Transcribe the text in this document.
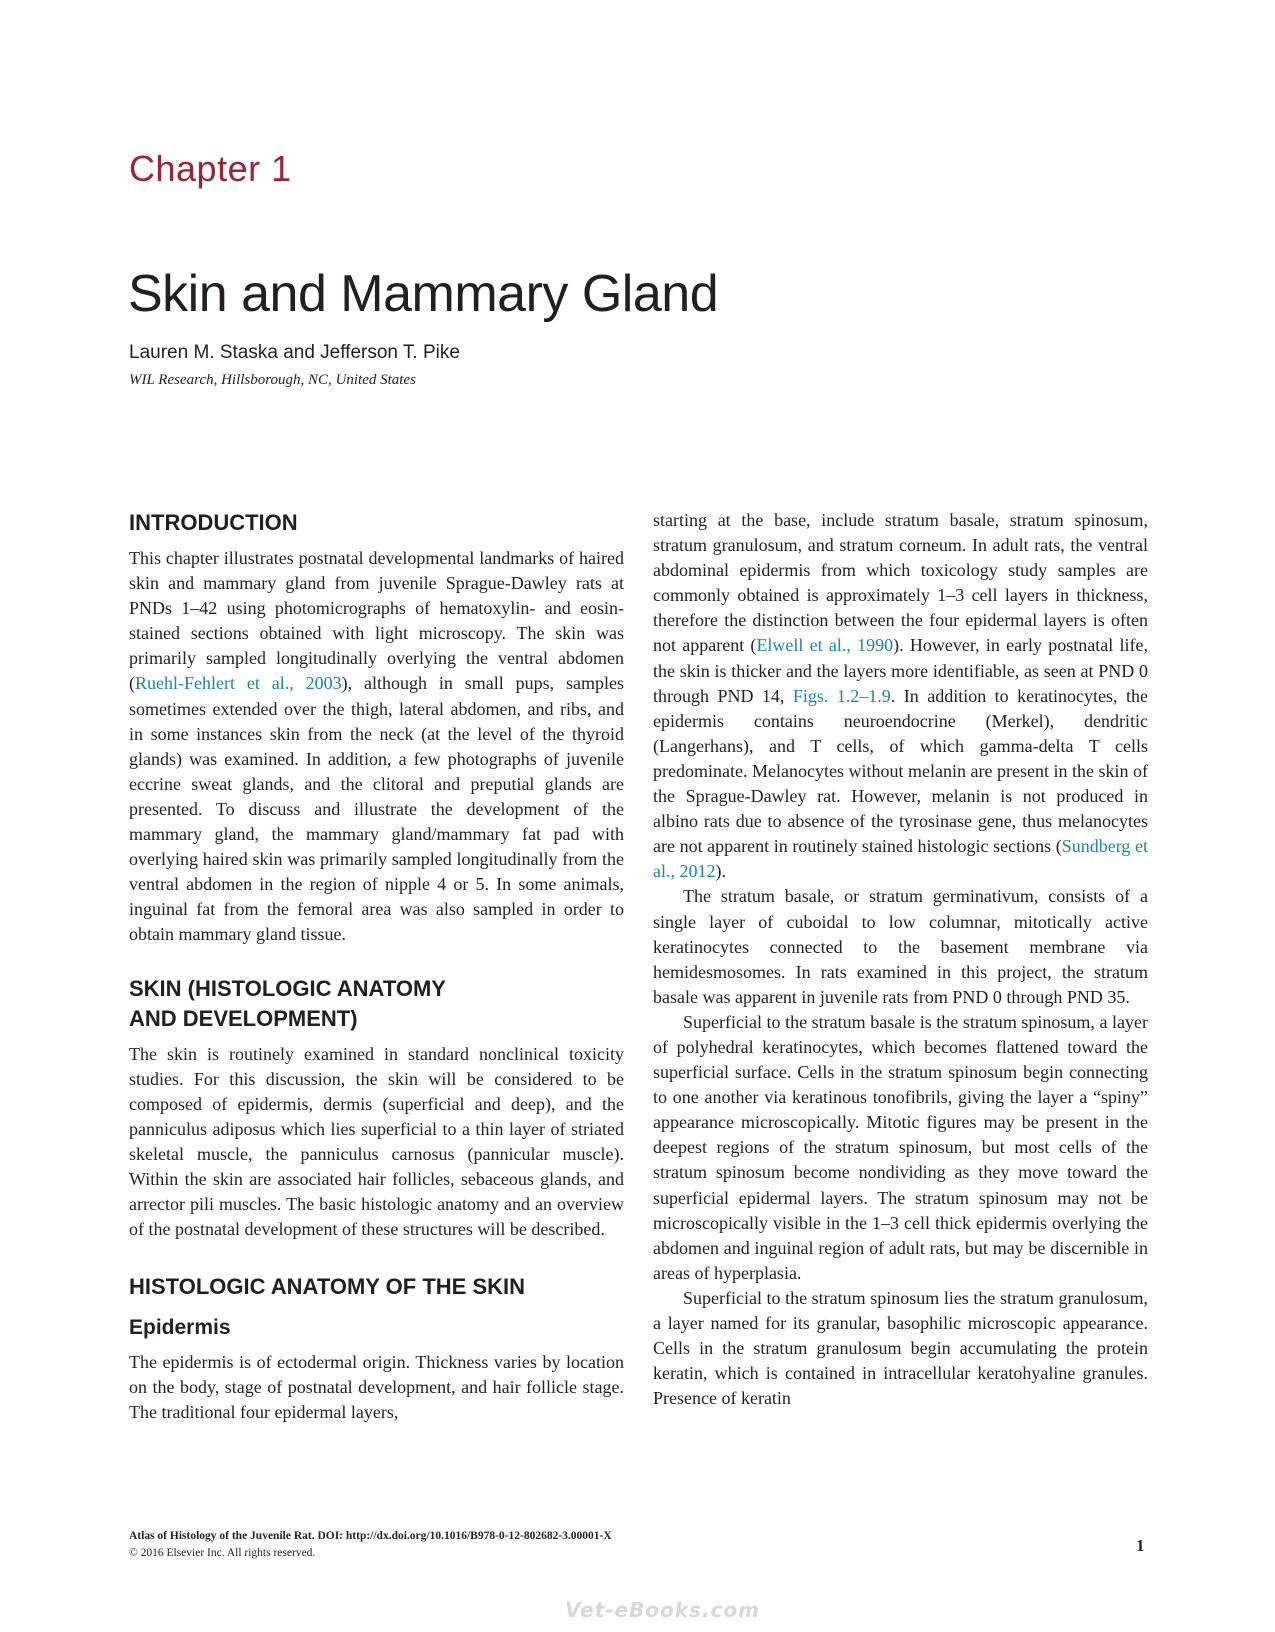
Chapter 1
Skin and Mammary Gland
Lauren M. Staska and Jefferson T. Pike
WIL Research, Hillsborough, NC, United States
INTRODUCTION

This chapter illustrates postnatal developmental landmarks of haired skin and mammary gland from juvenile Sprague-Dawley rats at PNDs 1–42 using photomicrographs of hematoxylin- and eosin-stained sections obtained with light microscopy. The skin was primarily sampled longitudinally overlying the ventral abdomen (Ruehl-Fehlert et al., 2003), although in small pups, samples sometimes extended over the thigh, lateral abdomen, and ribs, and in some instances skin from the neck (at the level of the thyroid glands) was examined. In addition, a few photographs of juvenile eccrine sweat glands, and the clitoral and preputial glands are presented. To discuss and illustrate the development of the mammary gland, the mammary gland/mammary fat pad with overlying haired skin was primarily sampled longitudinally from the ventral abdomen in the region of nipple 4 or 5. In some animals, inguinal fat from the femoral area was also sampled in order to obtain mammary gland tissue.

SKIN (HISTOLOGIC ANATOMY
AND DEVELOPMENT)

The skin is routinely examined in standard nonclinical toxicity studies. For this discussion, the skin will be considered to be composed of epidermis, dermis (superficial and deep), and the panniculus adiposus which lies superficial to a thin layer of striated skeletal muscle, the panniculus carnosus (pannicular muscle). Within the skin are associated hair follicles, sebaceous glands, and arrector pili muscles. The basic histologic anatomy and an overview of the postnatal development of these structures will be described.

HISTOLOGIC ANATOMY OF THE SKIN
Epidermis

The epidermis is of ectodermal origin. Thickness varies by location on the body, stage of postnatal development, and hair follicle stage. The traditional four epidermal layers,

starting at the base, include stratum basale, stratum spinosum, stratum granulosum, and stratum corneum. In adult rats, the ventral abdominal epidermis from which toxicology study samples are commonly obtained is approximately 1–3 cell layers in thickness, therefore the distinction between the four epidermal layers is often not apparent (Elwell et al., 1990). However, in early postnatal life, the skin is thicker and the layers more identifiable, as seen at PND 0 through PND 14, Figs. 1.2–1.9. In addition to keratinocytes, the epidermis contains neuroendocrine (Merkel), dendritic (Langerhans), and T cells, of which gamma-delta T cells predominate. Melanocytes without melanin are present in the skin of the Sprague-Dawley rat. However, melanin is not produced in albino rats due to absence of the tyrosinase gene, thus melanocytes are not apparent in routinely stained histologic sections (Sundberg et al., 2012).

The stratum basale, or stratum germinativum, consists of a single layer of cuboidal to low columnar, mitotically active keratinocytes connected to the basement membrane via hemidesmosomes. In rats examined in this project, the stratum basale was apparent in juvenile rats from PND 0 through PND 35.

Superficial to the stratum basale is the stratum spinosum, a layer of polyhedral keratinocytes, which becomes flattened toward the superficial surface. Cells in the stratum spinosum begin connecting to one another via keratinous tonofibrils, giving the layer a “spiny” appearance microscopically. Mitotic figures may be present in the deepest regions of the stratum spinosum, but most cells of the stratum spinosum become nondividing as they move toward the superficial epidermal layers. The stratum spinosum may not be microscopically visible in the 1–3 cell thick epidermis overlying the abdomen and inguinal region of adult rats, but may be discernible in areas of hyperplasia.

Superficial to the stratum spinosum lies the stratum granulosum, a layer named for its granular, basophilic microscopic appearance. Cells in the stratum granulosum begin accumulating the protein keratin, which is contained in intracellular keratohyaline granules. Presence of keratin

Atlas of Histology of the Juvenile Rat. DOI: http://dx.doi.org/10.1016/B978-0-12-802682-3.00001-X
© 2016 Elsevier Inc. All rights reserved.	1
Vet-eBooks.com
